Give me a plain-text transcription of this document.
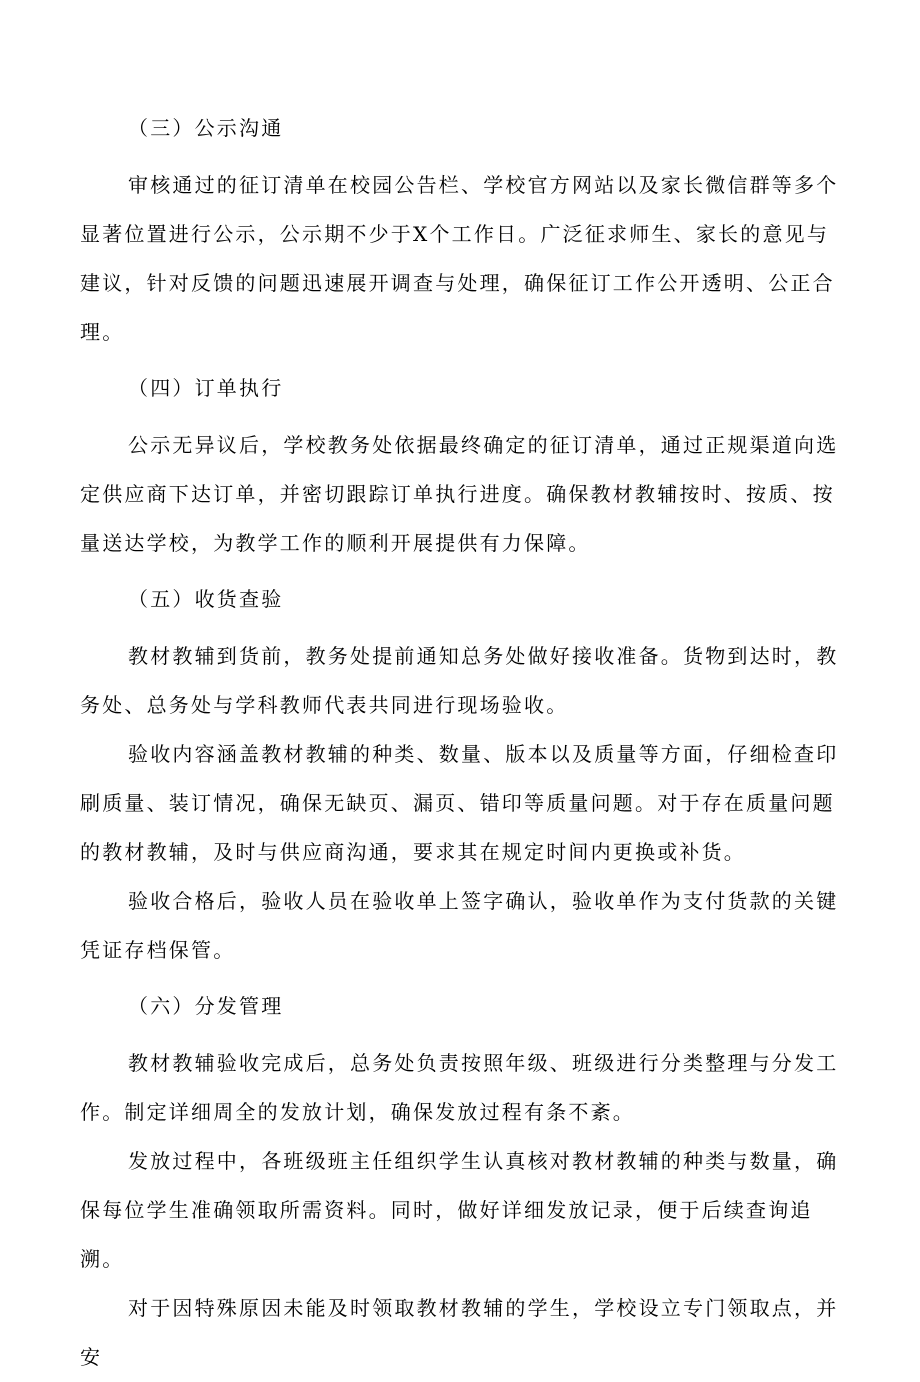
（三）公示沟通

审核通过的征订清单在校园公告栏、学校官方网站以及家长微信群等多个显著位置进行公示，公示期不少于X个工作日。广泛征求师生、家长的意见与建议，针对反馈的问题迅速展开调查与处理，确保征订工作公开透明、公正合理。

（四）订单执行

公示无异议后，学校教务处依据最终确定的征订清单，通过正规渠道向选定供应商下达订单，并密切跟踪订单执行进度。确保教材教辅按时、按质、按量送达学校，为教学工作的顺利开展提供有力保障。

（五）收货查验

教材教辅到货前，教务处提前通知总务处做好接收准备。货物到达时，教务处、总务处与学科教师代表共同进行现场验收。

验收内容涵盖教材教辅的种类、数量、版本以及质量等方面，仔细检查印刷质量、装订情况，确保无缺页、漏页、错印等质量问题。对于存在质量问题的教材教辅，及时与供应商沟通，要求其在规定时间内更换或补货。

验收合格后，验收人员在验收单上签字确认，验收单作为支付货款的关键凭证存档保管。

（六）分发管理

教材教辅验收完成后，总务处负责按照年级、班级进行分类整理与分发工作。制定详细周全的发放计划，确保发放过程有条不紊。

发放过程中，各班级班主任组织学生认真核对教材教辅的种类与数量，确保每位学生准确领取所需资料。同时，做好详细发放记录，便于后续查询追溯。

对于因特殊原因未能及时领取教材教辅的学生，学校设立专门领取点，并安
